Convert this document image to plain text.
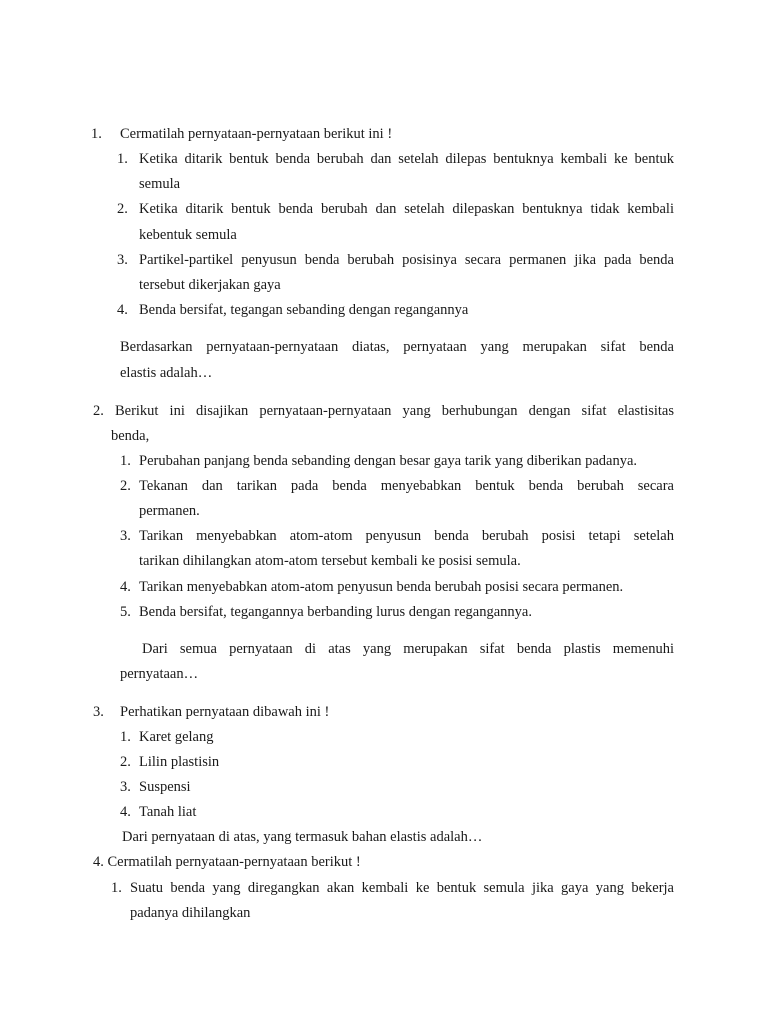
1. Cermatilah pernyataan-pernyataan berikut ini !
1. Ketika ditarik bentuk benda berubah dan setelah dilepas bentuknya kembali ke bentuk
semula
2. Ketika ditarik bentuk benda berubah dan setelah dilepaskan bentuknya tidak kembali
kebentuk semula
3. Partikel-partikel penyusun benda berubah posisinya secara permanen jika pada benda
tersebut dikerjakan gaya
4. Benda bersifat, tegangan sebanding dengan regangannya
Berdasarkan pernyataan-pernyataan diatas, pernyataan yang merupakan sifat benda
elastis adalah…
2. Berikut ini disajikan pernyataan-pernyataan yang berhubungan dengan sifat elastisitas
benda,
1. Perubahan panjang benda sebanding dengan besar gaya tarik yang diberikan padanya.
2. Tekanan dan tarikan pada benda menyebabkan bentuk benda berubah secara
permanen.
3. Tarikan menyebabkan atom-atom penyusun benda berubah posisi tetapi setelah
tarikan dihilangkan atom-atom tersebut kembali ke posisi semula.
4. Tarikan menyebabkan atom-atom penyusun benda berubah posisi secara permanen.
5. Benda bersifat, tegangannya berbanding lurus dengan regangannya.
Dari semua pernyataan di atas yang merupakan sifat benda plastis memenuhi
pernyataan…
3. Perhatikan pernyataan dibawah ini !
1. Karet gelang
2. Lilin plastisin
3. Suspensi
4. Tanah liat
Dari pernyataan di atas, yang termasuk bahan elastis adalah…
4. Cermatilah pernyataan-pernyataan berikut !
1. Suatu benda yang diregangkan akan kembali ke bentuk semula jika gaya yang bekerja
padanya dihilangkan
